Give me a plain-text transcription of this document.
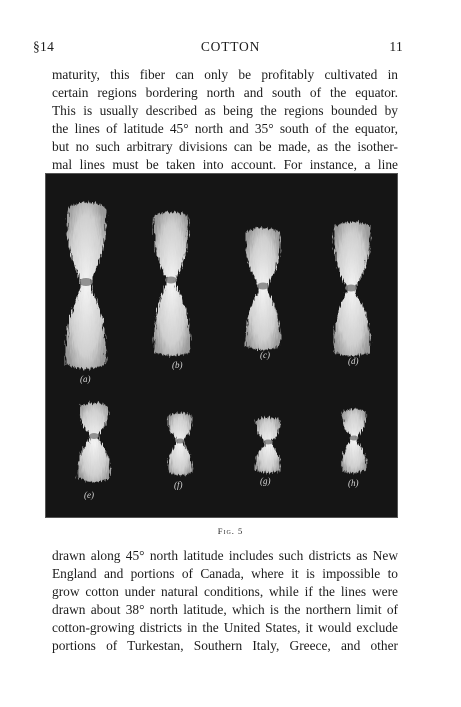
§14	COTTON	11

maturity, this fiber can only be profitably cultivated in
certain regions bordering north and south of the equator.
This is usually described as being the regions bounded by
the lines of latitude 45° north and 35° south of the equator,
but no such arbitrary divisions can be made, as the isother-
mal lines must be taken into account. For instance, a line

(a)
(b)
(c)
(d)
(e)
(f)	(g)	(h)
Fig. 5

drawn along 45° north latitude includes such districts as New
England and portions of Canada, where it is impossible to
grow cotton under natural conditions, while if the lines were
drawn about 38° north latitude, which is the northern limit of
cotton-growing districts in the United States, it would exclude
portions of Turkestan, Southern Italy, Greece, and other
